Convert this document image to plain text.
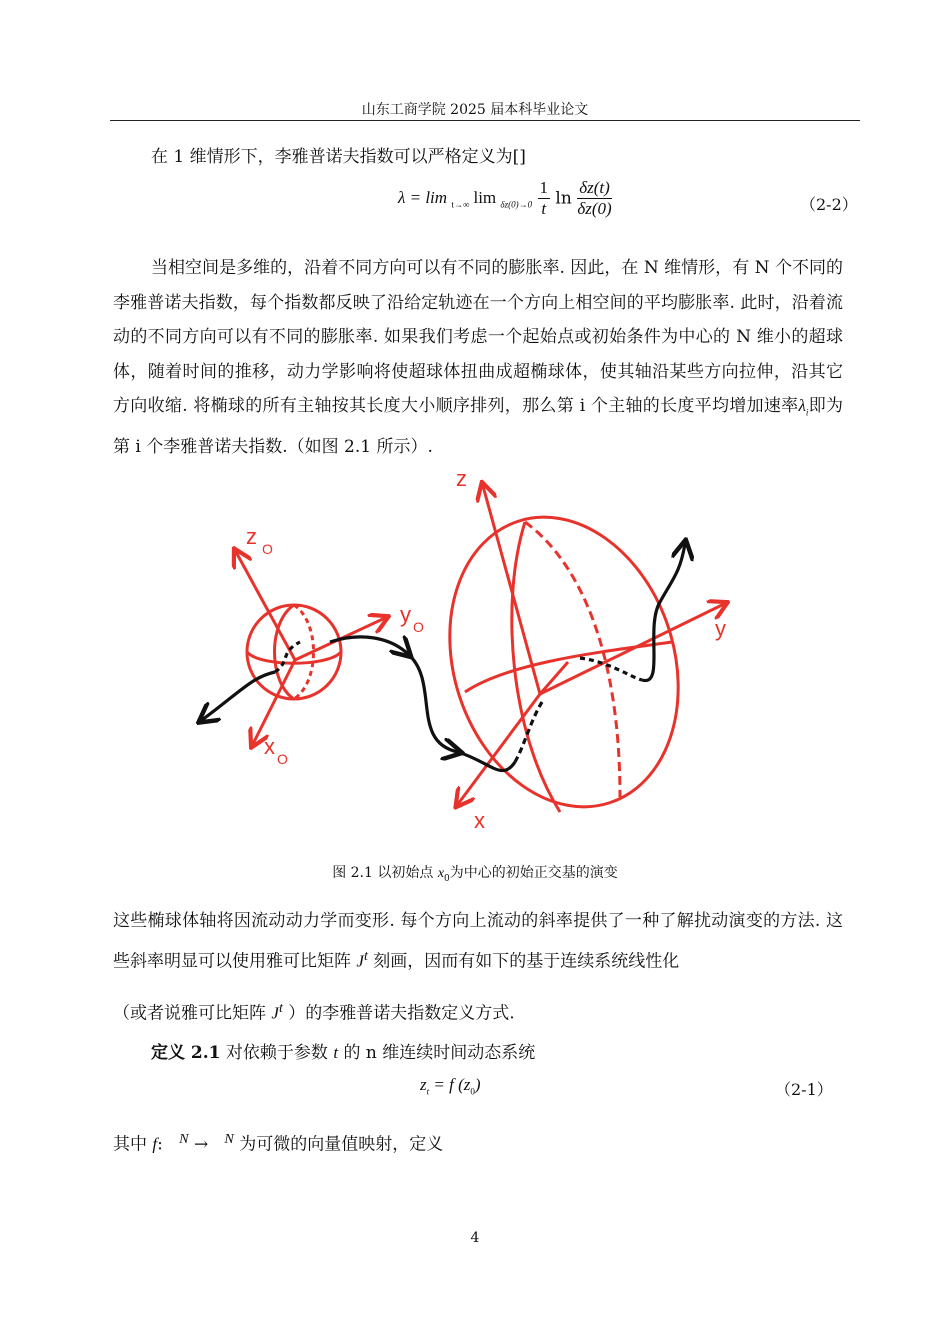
山东工商学院 2025 届本科毕业论文
在 1 维情形下，李雅普诺夫指数可以严格定义为[]
λ = lim $_{t\to\infty}$ $\lim _{\delta z(0)\to 0} \frac{1}{t}$ $\ln \frac{\delta z(t)}{\delta z(0)}$	（2-2）
当相空间是多维的，沿着不同方向可以有不同的膨胀率. 因此，在 N 维情形，有 N 个不同的李雅普诺夫指数，每个指数都反映了沿给定轨迹在一个方向上相空间的平均膨胀率. 此时，沿着流动的不同方向可以有不同的膨胀率. 如果我们考虑一个起始点或初始条件为中心的 N 维小的超球体，随着时间的推移，动力学影响将使超球体扭曲成超椭球体，使其轴沿某些方向拉伸，沿其它方向收缩. 将椭球的所有主轴按其长度大小顺序排列，那么第 i 个主轴的长度平均增加速率$\lambda_i$即为第 i 个李雅普诺夫指数.（如图 2.1 所示）.
z O
y O
x O
z
y
x
图 2.1 以初始点 $x_0$为中心的初始正交基的演变
这些椭球体轴将因流动动力学而变形. 每个方向上流动的斜率提供了一种了解扰动演变的方法. 这些斜率明显可以使用雅可比矩阵 $J^t$ 刻画，因而有如下的基于连续系统线性化
（或者说雅可比矩阵 $J^t$ ）的李雅普诺夫指数定义方式.
定义 2.1 对依赖于参数 t 的 n 维连续时间动态系统
$z_t = f$ $(z_0)$	（2-1）
其中 f: $^N$ → $^N$ 为可微的向量值映射，定义
4
